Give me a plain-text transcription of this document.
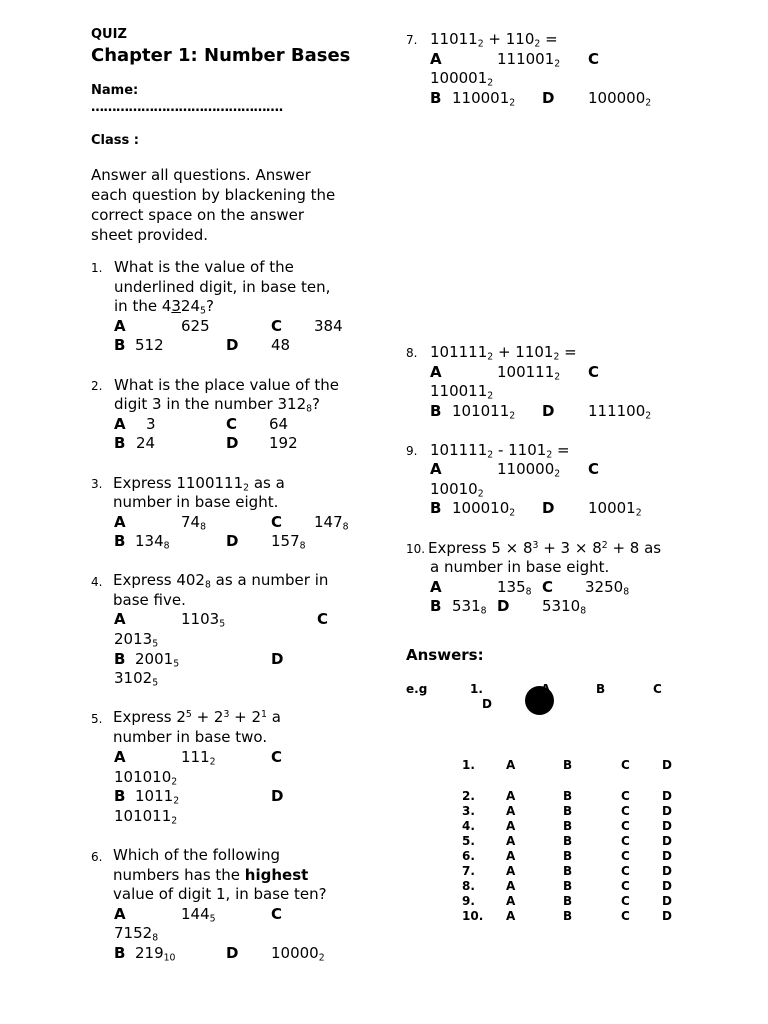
QUIZ
Chapter 1: Number Bases
Name:
……………………………………….
Class :
Answer all questions. Answer
each question by blackening the
correct space on the answer
sheet provided.
1. What is the value of the
underlined digit, in base ten,
in the $4324_5$?
A	625	C 384
B 512	D 48
2. What is the place value of the
digit 3 in the number $312_8$?
A 3	C 64
B 24	D 192
3. Express $1100111_2$ as a
number in base eight.
A	$74_8$	C $147_8$
B $134_8$	D $157_8$
4. Express $402_8$ as a number in
base five.
A	$1103_5$	C
$2013_5$
B $2001_5$	D
$3102_5$
5. Express $2^5 + 2^3 + 2^1$ a
number in base two.
A	$111_2$	C
$101010_2$
B $1011_2$	D
$101011_2$
6. Which of the following
numbers has the highest
value of digit 1, in base ten?
A	$144_5$	C
$7152_8$
B $219_{10}$	D $10000_2$
7. $11011_2 + 110_2$ =
A	$111001_2$ C
$100001_2$
B $110001_2$ D $100000_2$
8. $101111_2 + 1101_2$ =
A	$100111_2$ C
$110011_2$
B $101011_2$ D $111100_2$
9. $101111_2 - 1101_2$ =
A	$110000_2$ C
$10010_2$
B $100010_2$ D $10001_2$
10. Express $5 \times 8^3 + 3 \times 8^2 + 8$ as
a number in base eight.
A	$135_8$ C $3250_8$
B $531_8$ D $5310_8$
Answers:
e.g	1.	B	C
D
1.	A	B	C	D
2.	A	B	C	D
3.	A	B	C	D
4.	A	B	C	D
5.	A	B	C	D
6.	A	B	C	D
7.	A	B	C	D
8.	A	B	C	D
9.	A	B	C	D
10. A	B	C	D
